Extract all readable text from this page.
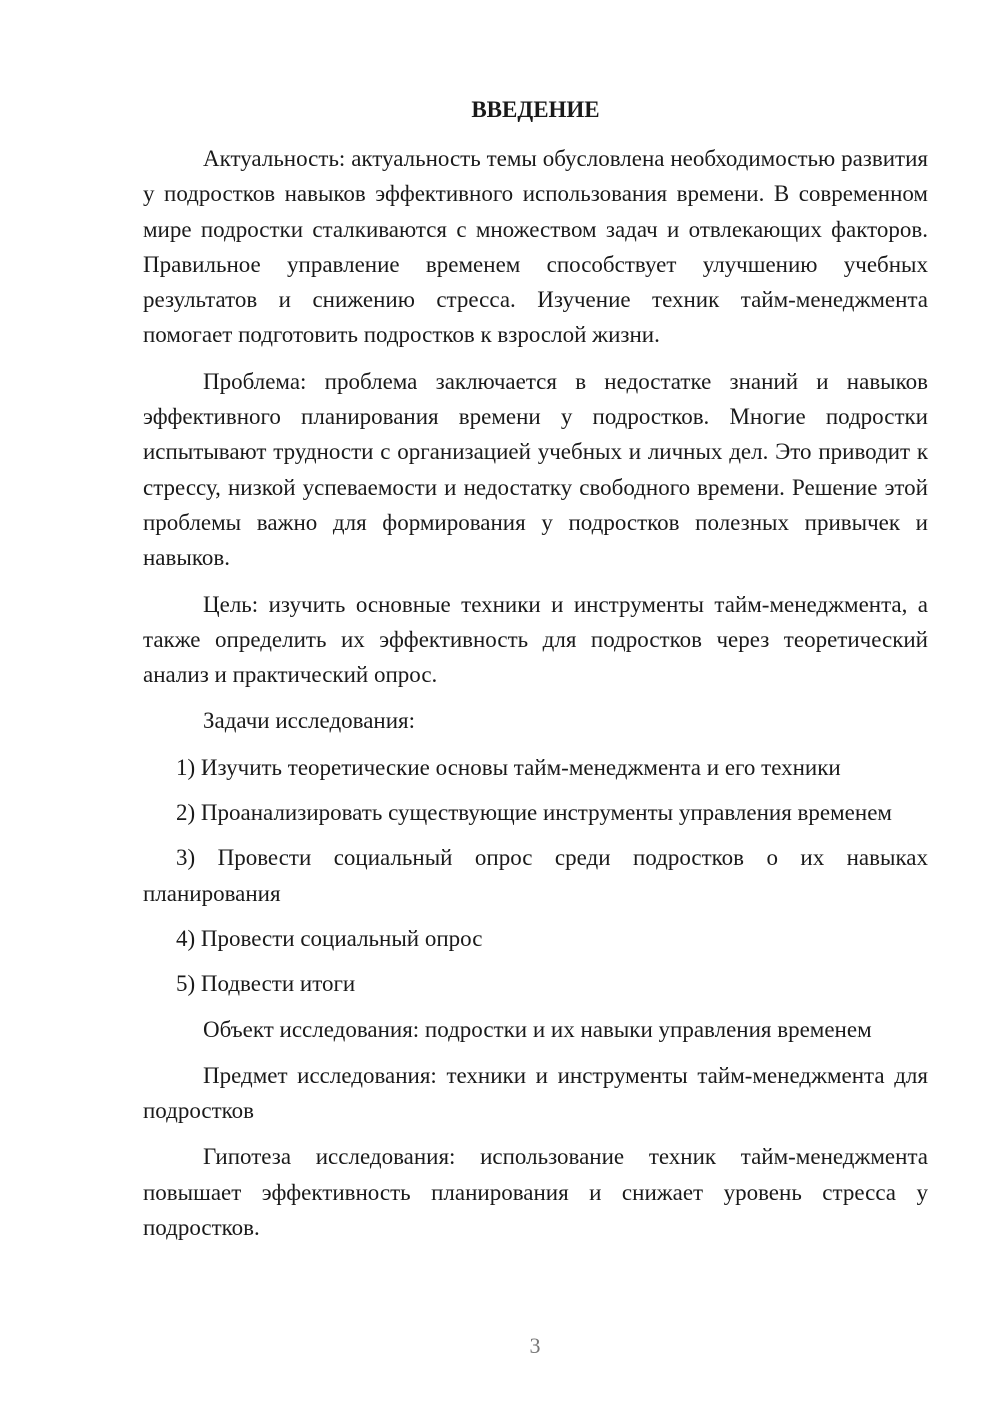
ВВЕДЕНИЕ

Актуальность: актуальность темы обусловлена необходимостью развития у подростков навыков эффективного использования времени. В современном мире подростки сталкиваются с множеством задач и отвлекающих факторов. Правильное управление временем способствует улучшению учебных результатов и снижению стресса. Изучение техник тайм-менеджмента помогает подготовить подростков к взрослой жизни.

Проблема: проблема заключается в недостатке знаний и навыков эффективного планирования времени у подростков. Многие подростки испытывают трудности с организацией учебных и личных дел. Это приводит к стрессу, низкой успеваемости и недостатку свободного времени. Решение этой проблемы важно для формирования у подростков полезных привычек и навыков.

Цель: изучить основные техники и инструменты тайм-менеджмента, а также определить их эффективность для подростков через теоретический анализ и практический опрос.

Задачи исследования:

1) Изучить теоретические основы тайм-менеджмента и его техники

2) Проанализировать существующие инструменты управления временем

3) Провести социальный опрос среди подростков о их навыках планирования

4) Провести социальный опрос

5) Подвести итоги

Объект исследования: подростки и их навыки управления временем

Предмет исследования: техники и инструменты тайм-менеджмента для подростков

Гипотеза исследования: использование техник тайм-менеджмента повышает эффективность планирования и снижает уровень стресса у подростков.

3
